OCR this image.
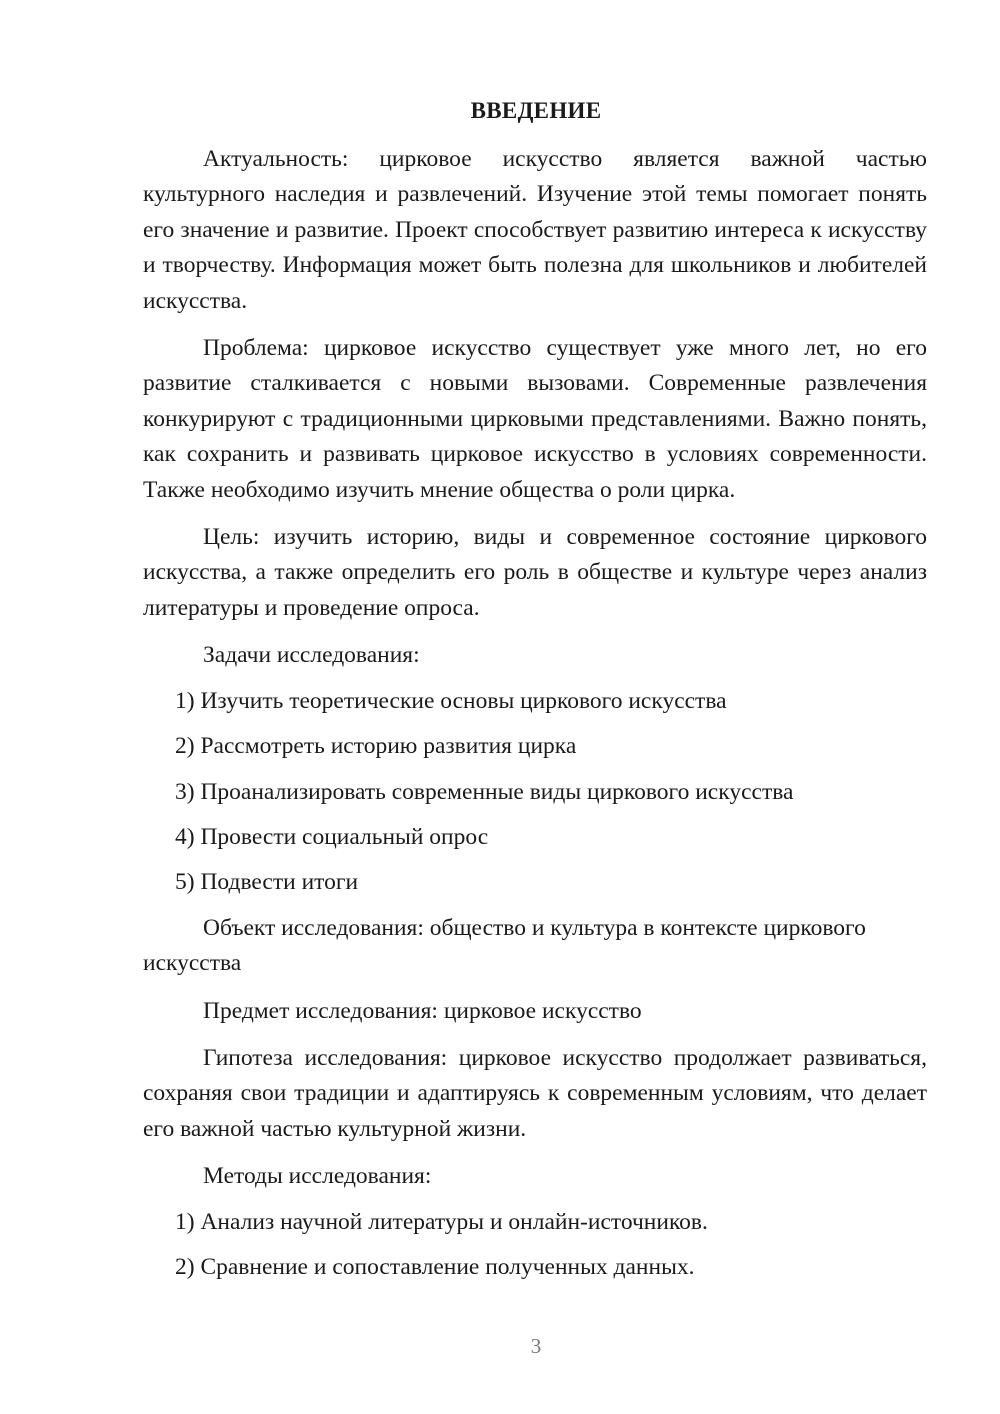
ВВЕДЕНИЕ

Актуальность: цирковое искусство является важной частью культурного наследия и развлечений. Изучение этой темы помогает понять его значение и развитие. Проект способствует развитию интереса к искусству и творчеству. Информация может быть полезна для школьников и любителей искусства.

Проблема: цирковое искусство существует уже много лет, но его развитие сталкивается с новыми вызовами. Современные развлечения конкурируют с традиционными цирковыми представлениями. Важно понять, как сохранить и развивать цирковое искусство в условиях современности. Также необходимо изучить мнение общества о роли цирка.

Цель: изучить историю, виды и современное состояние циркового искусства, а также определить его роль в обществе и культуре через анализ литературы и проведение опроса.

Задачи исследования:

1) Изучить теоретические основы циркового искусства

2) Рассмотреть историю развития цирка

3) Проанализировать современные виды циркового искусства

4) Провести социальный опрос

5) Подвести итоги

Объект исследования: общество и культура в контексте циркового искусства

Предмет исследования: цирковое искусство

Гипотеза исследования: цирковое искусство продолжает развиваться, сохраняя свои традиции и адаптируясь к современным условиям, что делает его важной частью культурной жизни.

Методы исследования:

1) Анализ научной литературы и онлайн-источников.

2) Сравнение и сопоставление полученных данных.

3
